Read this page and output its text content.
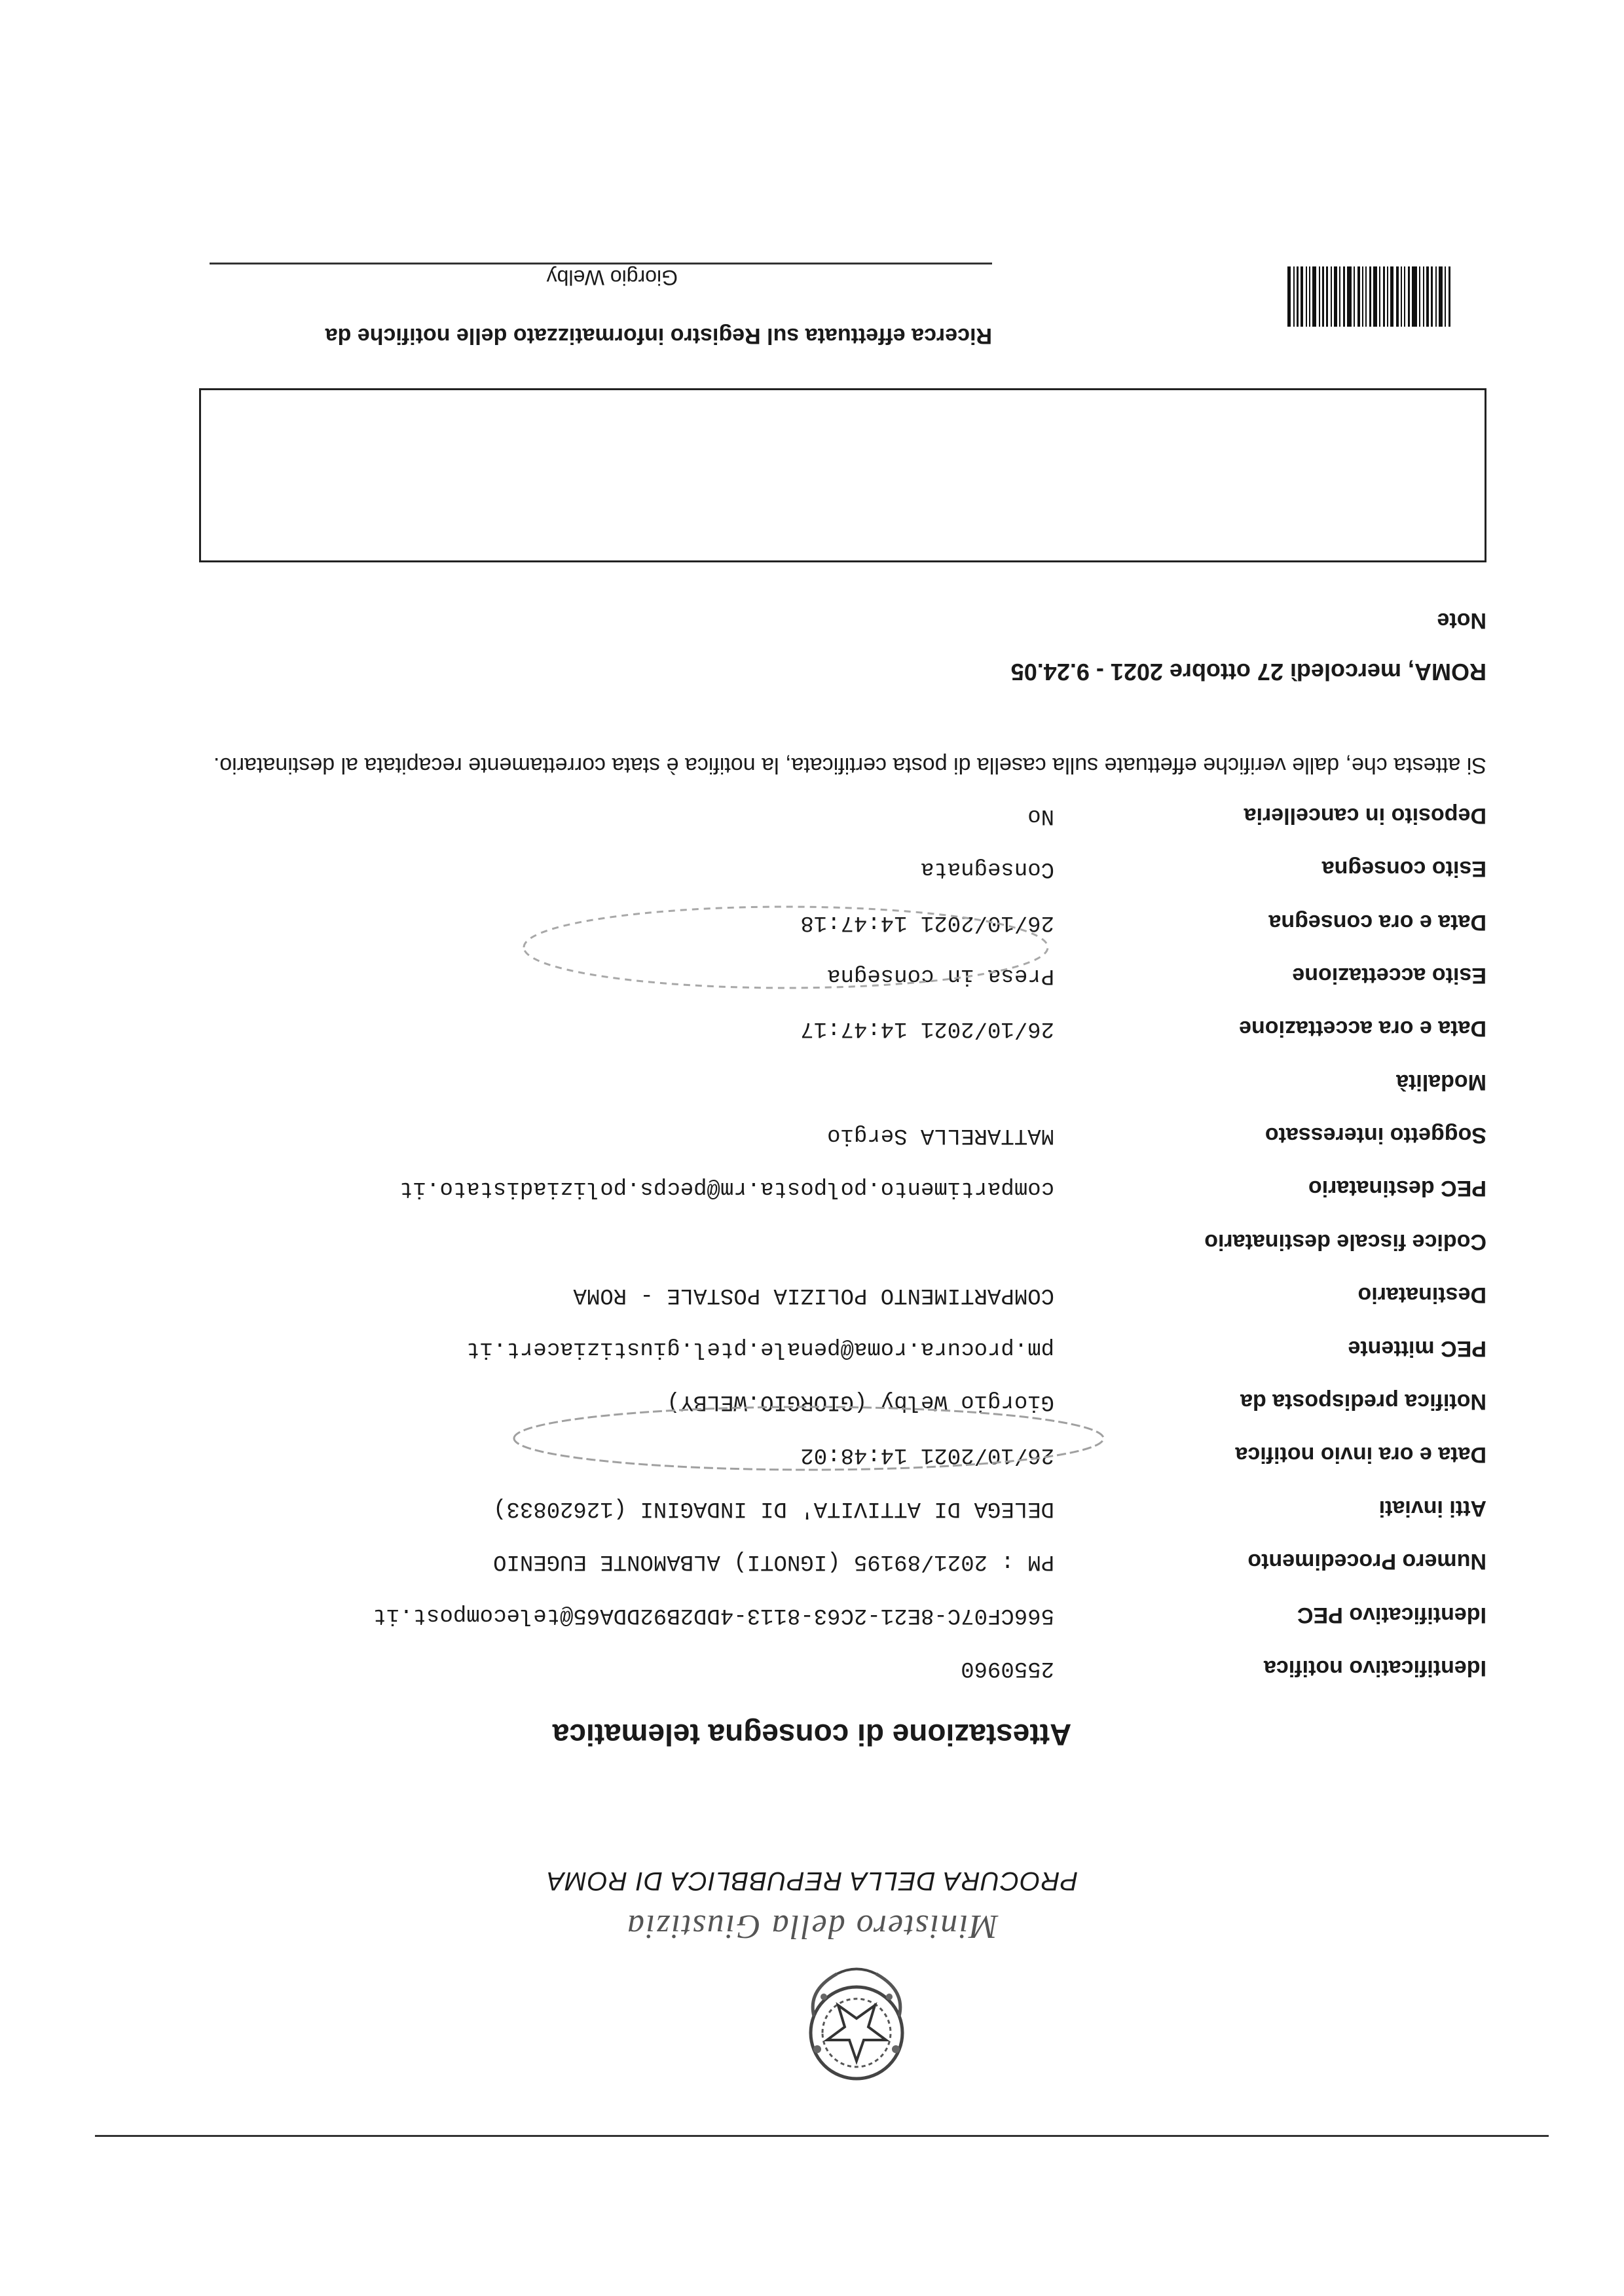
Ministero della Giustizia
PROCURA DELLA REPUBBLICA DI ROMA
Attestazione di consegna telematica
Identificativo notifica
2550960
Identificativo PEC
566CF07C-8E21-2C63-8113-4DD2B92DDA65@telecompost.it
Numero Procedimento
PM : 2021/89195 (IGNOTI) ALBAMONTE EUGENIO
Atti inviati
DELEGA DI ATTIVITA' DI INDAGINI (12620833)
Data e ora invio notifica
26/10/2021 14:48:02
Notifica predisposta da
Giorgio Welby (GIORGIO.WELBY)
PEC mittente
pm.procura.roma@penale.ptel.giustiziacert.it
Destinatario
COMPARTIMENTO POLIZIA POSTALE - ROMA
Codice fiscale destinatario
PEC destinatario
compartimento.polposta.rm@pecps.poliziadistato.it
Soggetto interessato
MATTARELLA Sergio
Modalità
Data e ora accettazione
26/10/2021 14:47:17
Esito accettazione
Presa in consegna
Data e ora consegna
26/10/2021 14:47:18
Esito consegna
Consegnata
Deposito in cancelleria
No
Si attesta che, dalle verifiche effettuate sulla casella di posta certificata, la notifica è stata correttamente recapitata al destinatario.
ROMA, mercoledì 27 ottobre 2021 - 9.24.05
Note
Ricerca effettuata sul Registro informatizzato delle notifiche da
Giorgio Welby
